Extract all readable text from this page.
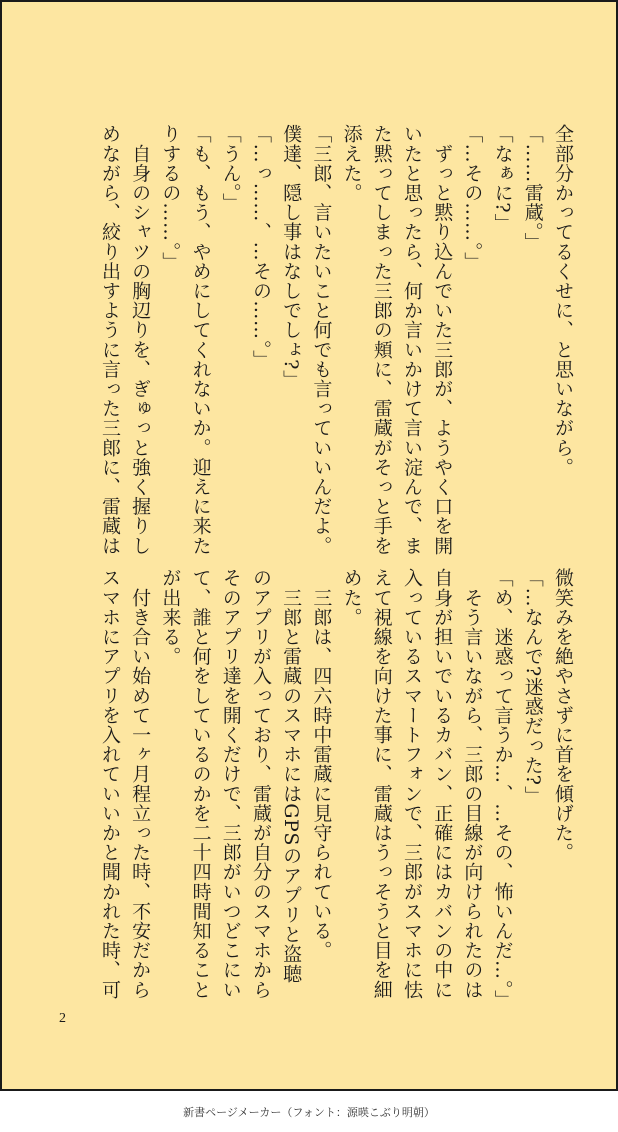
全部分かってるくせに、と思いながら。
「……雷蔵。」
「なぁに?」
「…その……。」
　ずっと黙り込んでいた三郎が、ようやく口を開
いたと思ったら、何か言いかけて言い淀んで、ま
た黙ってしまった三郎の頬に、雷蔵がそっと手を
添えた。
「三郎、言いたいこと何でも言っていいんだよ。
僕達、隠し事はなしでしょ?」
「…っ……、…その……。」
「うん。」
「も、もう、やめにしてくれないか。迎えに来た
りするの……。」
　自身のシャツの胸辺りを、ぎゅっと強く握りし
めながら、絞り出すように言った三郎に、雷蔵は
微笑みを絶やさずに首を傾げた。
「…なんで?迷惑だった?」
「め、迷惑って言うか…、…その、怖いんだ…。」
　そう言いながら、三郎の目線が向けられたのは
自身が担いでいるカバン、正確にはカバンの中に
入っているスマートフォンで、三郎がスマホに怯
えて視線を向けた事に、雷蔵はうっそうと目を細
めた。
　三郎は、四六時中雷蔵に見守られている。
　三郎と雷蔵のスマホにはGPSのアプリと盗聴
のアプリが入っており、雷蔵が自分のスマホから
そのアプリ達を開くだけで、三郎がいつどこにい
て、誰と何をしているのかを二十四時間知ること
が出来る。
　付き合い始めて一ヶ月程立った時、不安だから
スマホにアプリを入れていいかと聞かれた時、可
2
新書ページメーカー（フォント：源暎こぶり明朝）
